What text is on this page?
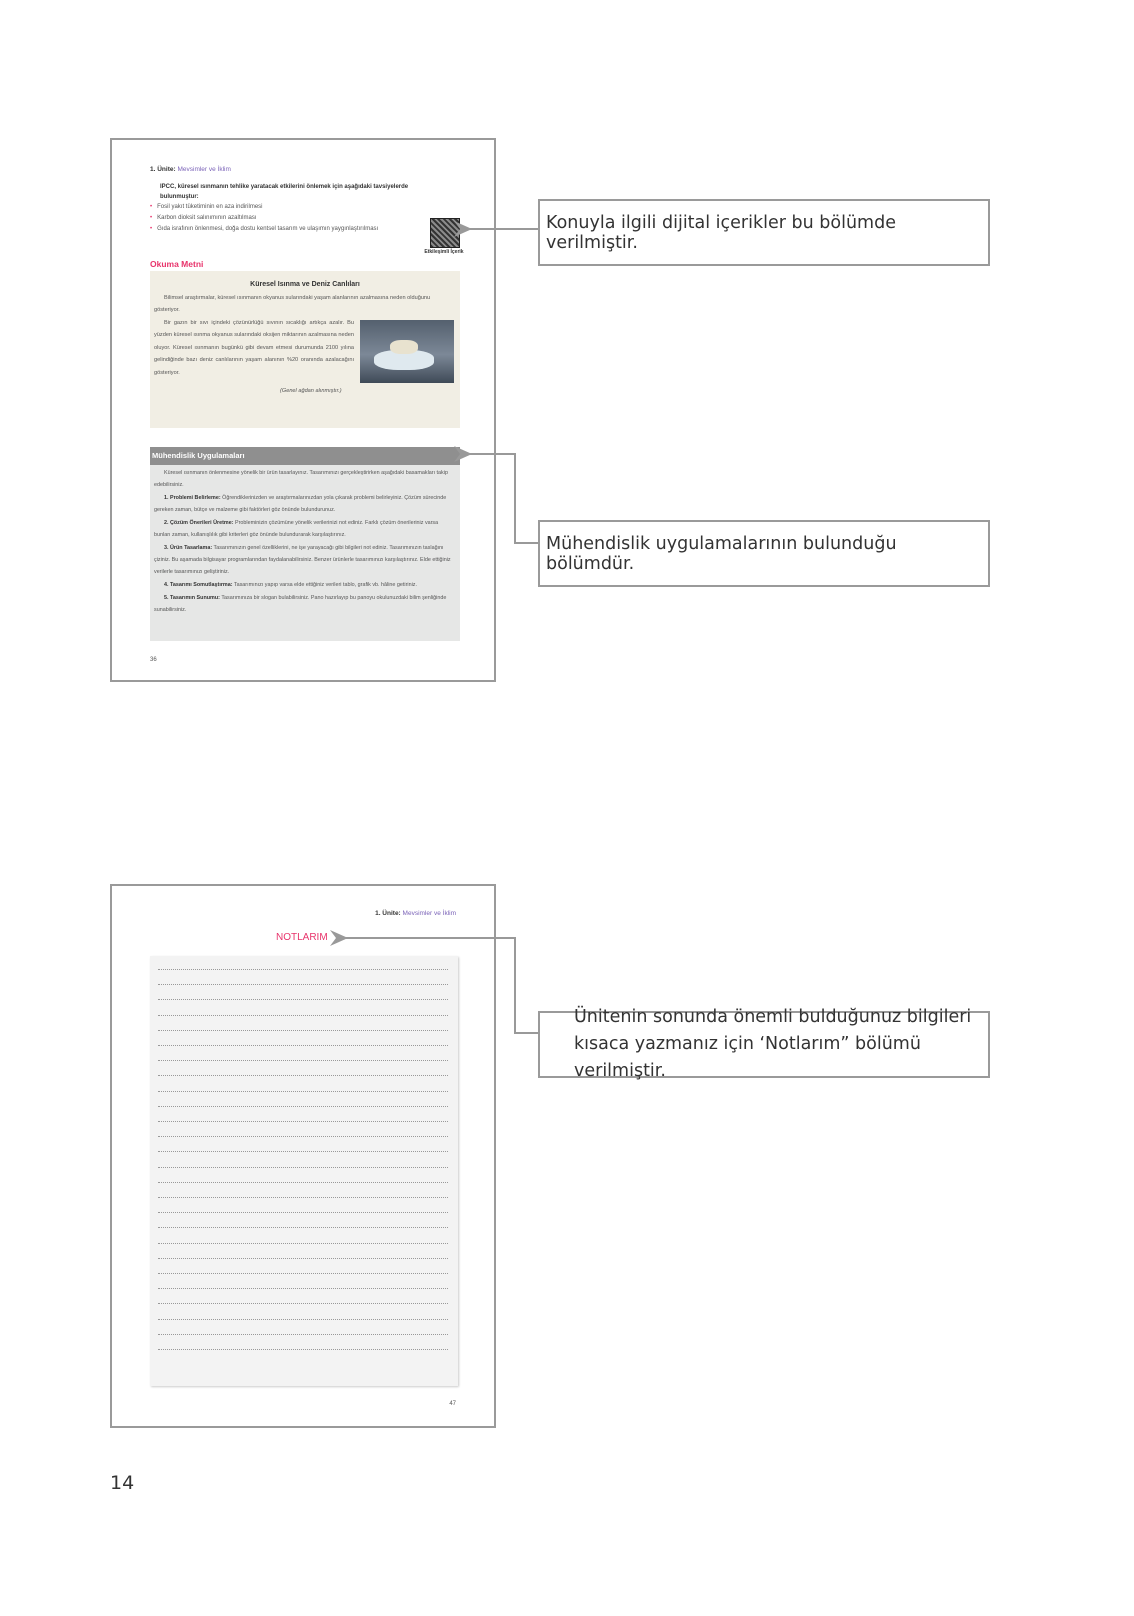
1. Ünite: Mevsimler ve İklim
IPCC, küresel ısınmanın tehlike yaratacak etkilerini önlemek için aşağıdaki tavsiyelerde bulunmuştur:
• Fosil yakıt tüketiminin en aza indirilmesi
• Karbon dioksit salınımının azaltılması
• Gıda israfının önlenmesi, doğa dostu kentsel tasarım ve ulaşımın yaygınlaştırılması
Etkileşimli İçerik
Okuma Metni
Küresel Isınma ve Deniz Canlıları
Bilimsel araştırmalar, küresel ısınmanın okyanus sularındaki yaşam alanlarının azalmasına neden olduğunu gösteriyor.
Bir gazın bir sıvı içindeki çözünürlüğü sıvının sıcaklığı artıkça azalır. Bu yüzden küresel ısınma okyanus sularındaki oksijen miktarının azalmasına neden oluyor. Küresel ısınmanın bugünkü gibi devam etmesi durumunda 2100 yılına gelindiğinde bazı deniz canlılarının yaşam alanının %20 oranında azalacağını gösteriyor.
(Genel ağdan alınmıştır.)
Mühendislik Uygulamaları
Küresel ısınmanın önlenmesine yönelik bir ürün tasarlayınız. Tasarımınızı gerçekleştirirken aşağıdaki basamakları takip edebilirsiniz.
1. Problemi Belirleme: Öğrendiklerinizden ve araştırmalarınızdan yola çıkarak problemi belirleyiniz. Çözüm sürecinde gereken zaman, bütçe ve malzeme gibi faktörleri göz önünde bulundurunuz.
2. Çözüm Önerileri Üretme: Probleminizin çözümüne yönelik verilerinizi not ediniz. Farklı çözüm önerileriniz varsa bunları zaman, kullanışlılık gibi kriterleri göz önünde bulundurarak karşılaştırınız.
3. Ürün Tasarlama: Tasarımınızın genel özelliklerini, ne işe yarayacağı gibi bilgileri not ediniz. Tasarımınızın taslağını çiziniz. Bu aşamada bilgisayar programlarından faydalanabilirsiniz. Benzer ürünlerle tasarımınızı karşılaştırınız. Elde ettiğiniz verilerle tasarımınızı geliştiriniz.
4. Tasarımı Somutlaştırma: Tasarımınızı yapıp varsa elde ettiğiniz verileri tablo, grafik vb. hâline getiriniz.
5. Tasarımın Sunumu: Tasarımınıza bir slogan bulabilirsiniz. Pano hazırlayıp bu panoyu okulunuzdaki bilim şenliğinde sunabilirsiniz.
36
1. Ünite: Mevsimler ve İklim
NOTLARIM
47
Konuyla ilgili dijital içerikler bu bölümde verilmiştir.
Mühendislik uygulamalarının bulunduğu bölümdür.
Ünitenin sonunda önemli bulduğunuz bilgileri kısaca yazmanız için ‘Notlarım” bölümü verilmiştir.
14
